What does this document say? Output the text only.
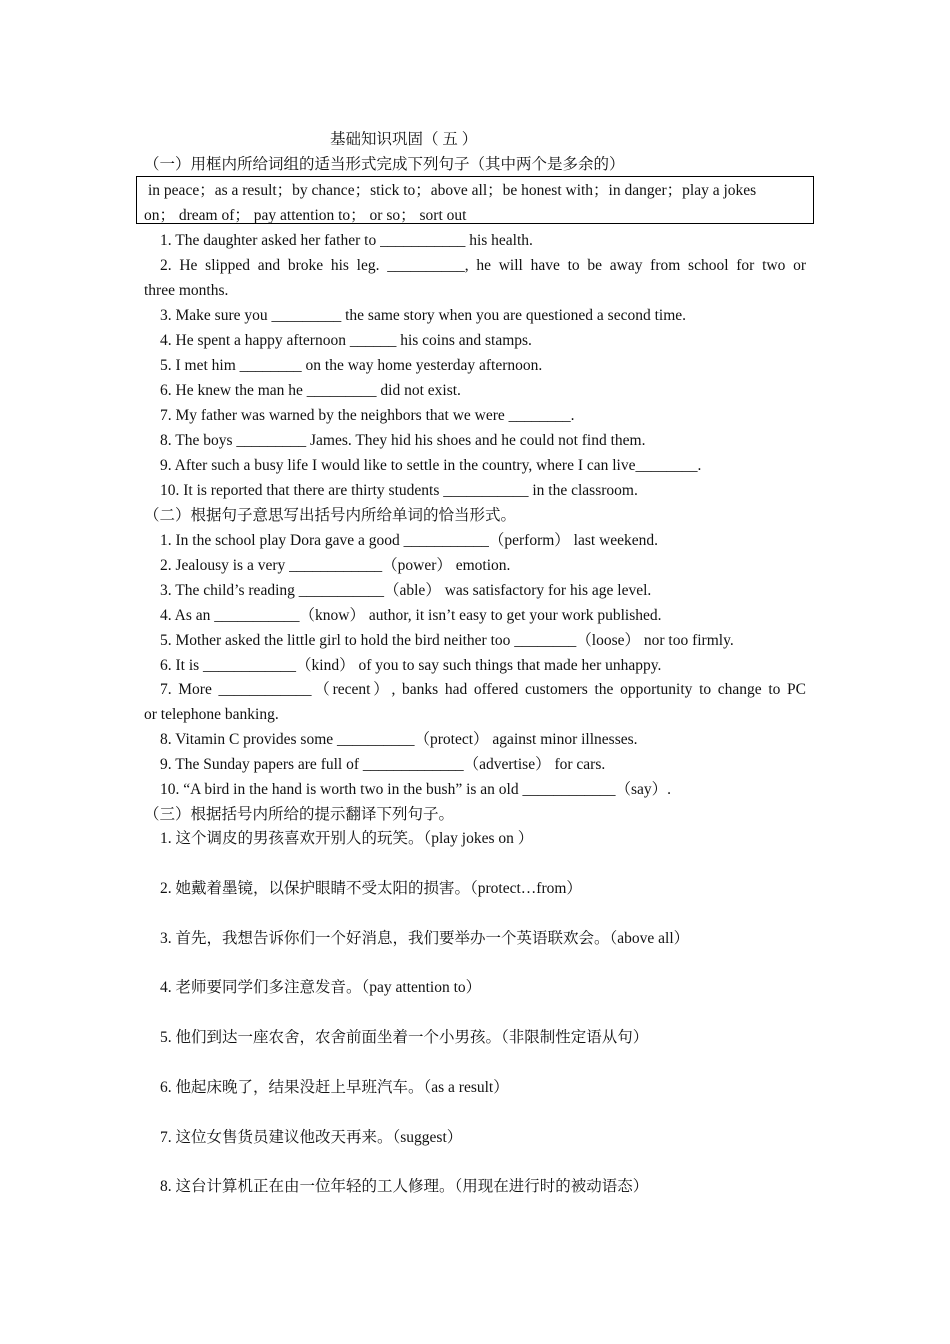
基础知识巩固（ 五 ）
（一）用框内所给词组的适当形式完成下列句子（其中两个是多余的）
in peace；as a result；by chance；stick to；above all；be honest with；in danger；play a jokes
on； dream of； pay attention to； or so； sort out
1. The daughter asked her father to ___________ his health.
2. He slipped and broke his leg. __________, he will have to be away from school for two or
three months.
3. Make sure you _________ the same story when you are questioned a second time.
4. He spent a happy afternoon ______ his coins and stamps.
5. I met him ________ on the way home yesterday afternoon.
6. He knew the man he _________ did not exist.
7. My father was warned by the neighbors that we were ________.
8. The boys _________ James. They hid his shoes and he could not find them.
9. After such a busy life I would like to settle in the country, where I can live________.
10. It is reported that there are thirty students ___________ in the classroom.
（二）根据句子意思写出括号内所给单词的恰当形式。
1. In the school play Dora gave a good ___________（perform） last weekend.
2. Jealousy is a very ____________（power） emotion.
3. The child’s reading ___________（able） was satisfactory for his age level.
4. As an ___________（know） author, it isn’t easy to get your work published.
5. Mother asked the little girl to hold the bird neither too ________（loose） nor too firmly.
6. It is ____________（kind） of you to say such things that made her unhappy.
7. More ____________（recent）, banks had offered customers the opportunity to change to PC
or telephone banking.
8. Vitamin C provides some __________（protect） against minor illnesses.
9. The Sunday papers are full of _____________（advertise） for cars.
10. “A bird in the hand is worth two in the bush” is an old ____________（say）.
（三）根据括号内所给的提示翻译下列句子。
1. 这个调皮的男孩喜欢开别人的玩笑。（play jokes on ）
2. 她戴着墨镜，以保护眼睛不受太阳的损害。（protect…from）
3. 首先，我想告诉你们一个好消息，我们要举办一个英语联欢会。（above all）
4. 老师要同学们多注意发音。（pay attention to）
5. 他们到达一座农舍，农舍前面坐着一个小男孩。（非限制性定语从句）
6. 他起床晚了，结果没赶上早班汽车。（as a result）
7. 这位女售货员建议他改天再来。（suggest）
8. 这台计算机正在由一位年轻的工人修理。（用现在进行时的被动语态）
